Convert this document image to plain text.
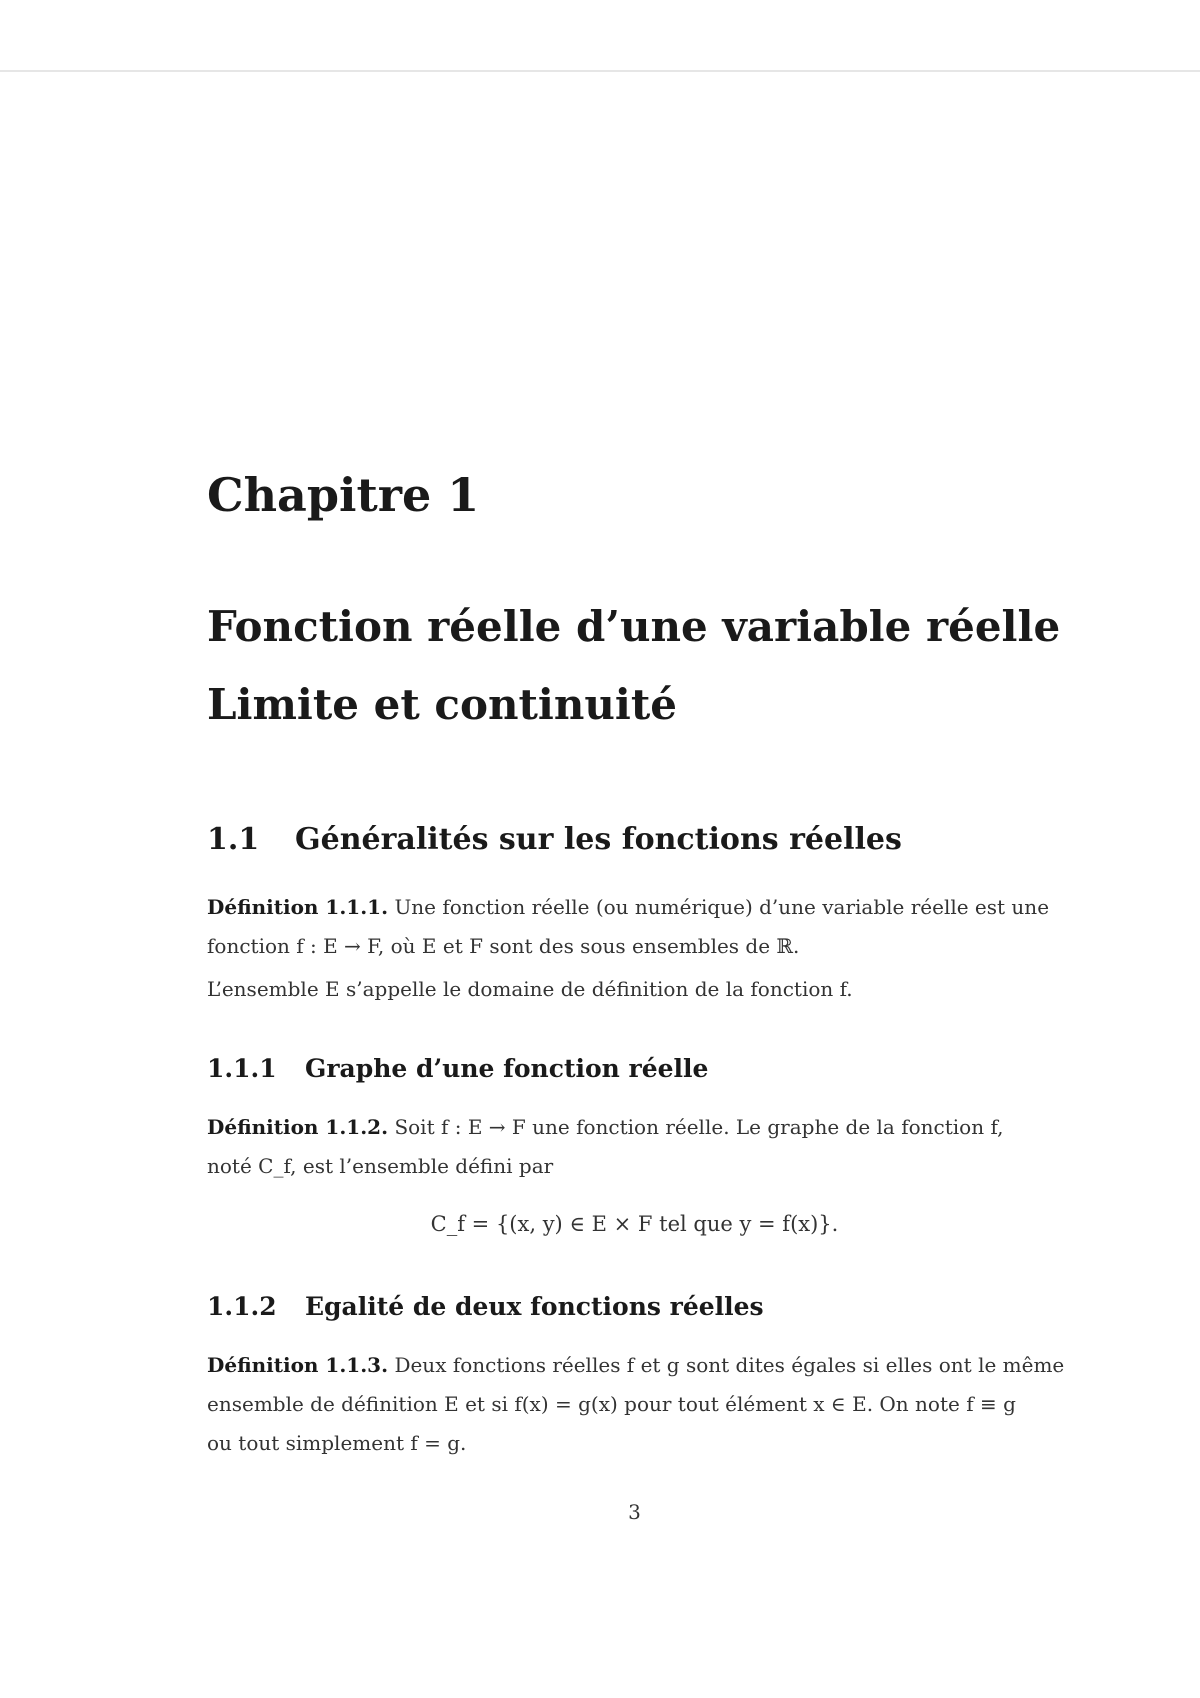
Chapitre 1
Fonction réelle d’une variable réelle
Limite et continuité
1.1 Généralités sur les fonctions réelles
Définition 1.1.1. Une fonction réelle (ou numérique) d’une variable réelle est une
fonction f : E → F, où E et F sont des sous ensembles de ℝ.
L’ensemble E s’appelle le domaine de définition de la fonction f.
1.1.1 Graphe d’une fonction réelle
Définition 1.1.2. Soit f : E → F une fonction réelle. Le graphe de la fonction f,
noté C_f, est l’ensemble défini par
C_f = {(x, y) ∈ E × F tel que y = f(x)}.
1.1.2 Egalité de deux fonctions réelles
Définition 1.1.3. Deux fonctions réelles f et g sont dites égales si elles ont le même
ensemble de définition E et si f(x) = g(x) pour tout élément x ∈ E. On note f ≡ g
ou tout simplement f = g.
3
